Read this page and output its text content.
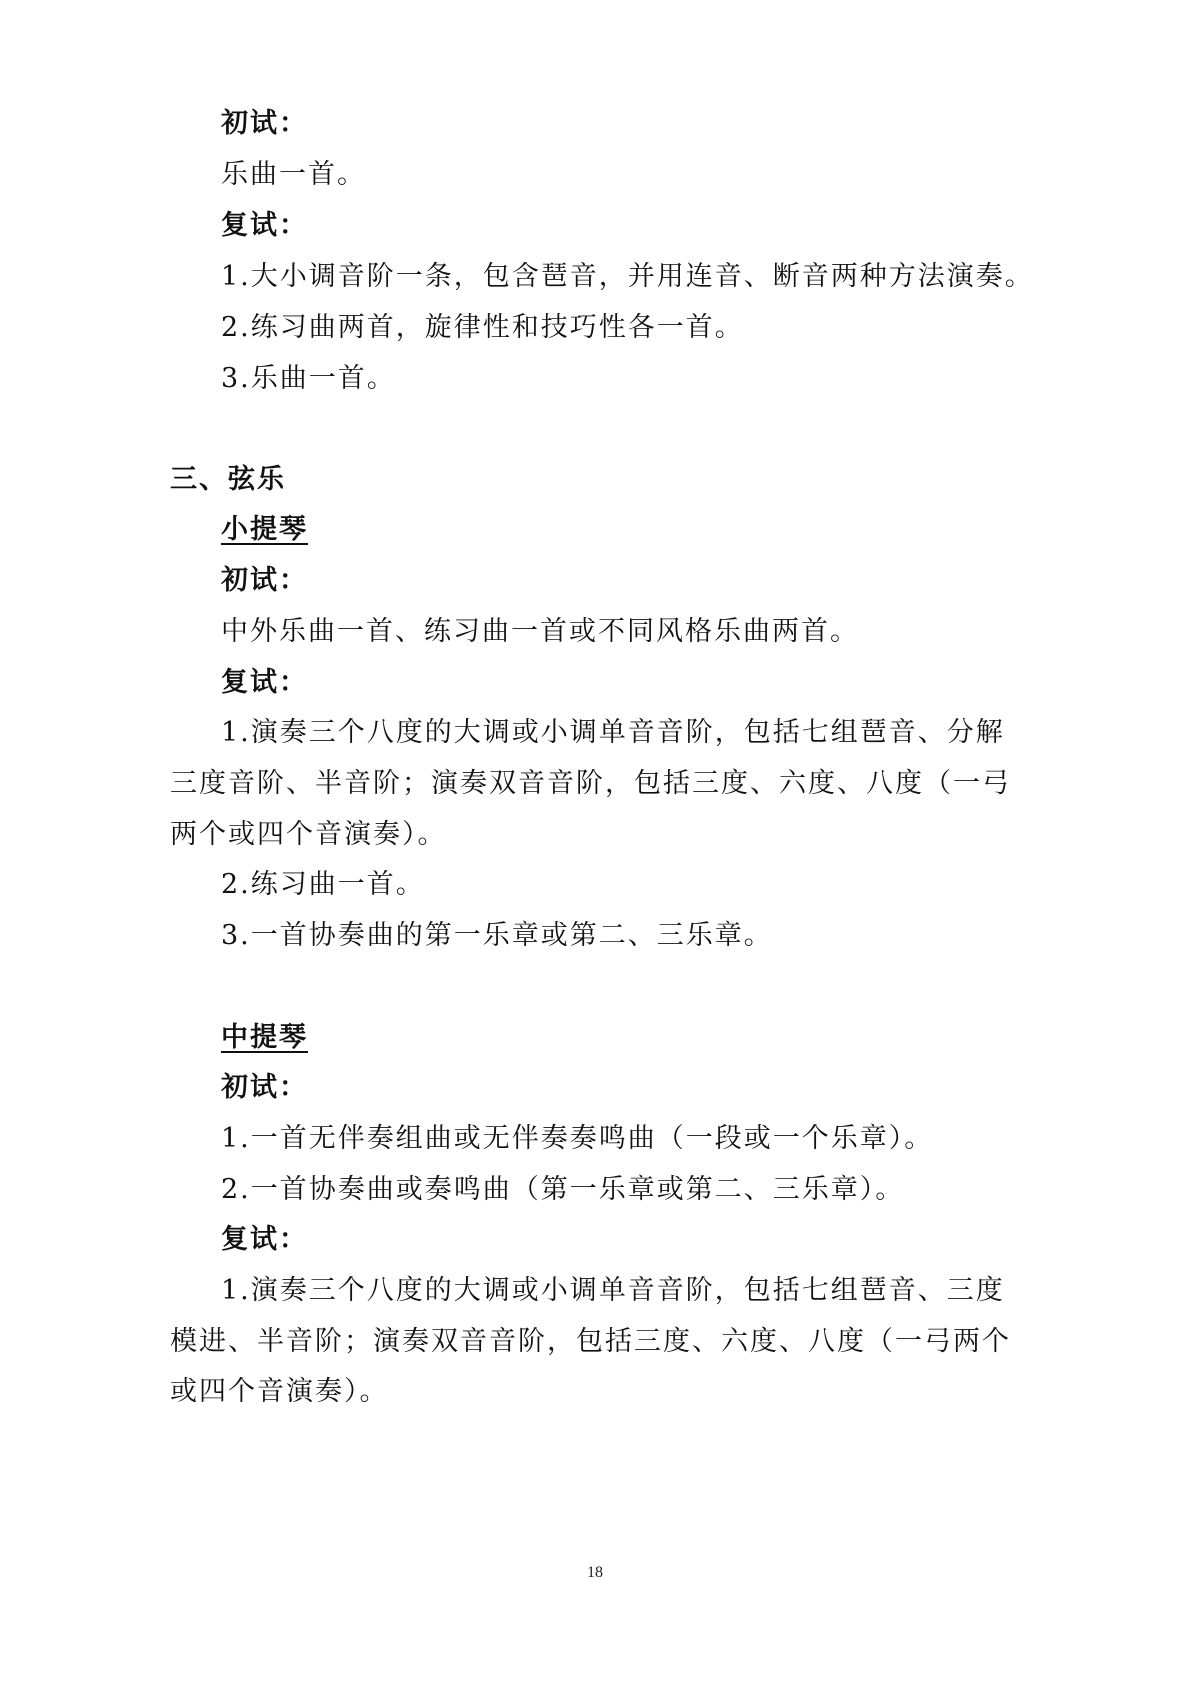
初试：
乐曲一首。
复试：
1.大小调音阶一条，包含琶音，并用连音、断音两种方法演奏。
2.练习曲两首，旋律性和技巧性各一首。
3.乐曲一首。
三、弦乐
小提琴
初试：
中外乐曲一首、练习曲一首或不同风格乐曲两首。
复试：
1.演奏三个八度的大调或小调单音音阶，包括七组琶音、分解
三度音阶、半音阶；演奏双音音阶，包括三度、六度、八度（一弓
两个或四个音演奏）。
2.练习曲一首。
3.一首协奏曲的第一乐章或第二、三乐章。
中提琴
初试：
1.一首无伴奏组曲或无伴奏奏鸣曲（一段或一个乐章）。
2.一首协奏曲或奏鸣曲（第一乐章或第二、三乐章）。
复试：
1.演奏三个八度的大调或小调单音音阶，包括七组琶音、三度
模进、半音阶；演奏双音音阶，包括三度、六度、八度（一弓两个
或四个音演奏）。
18
